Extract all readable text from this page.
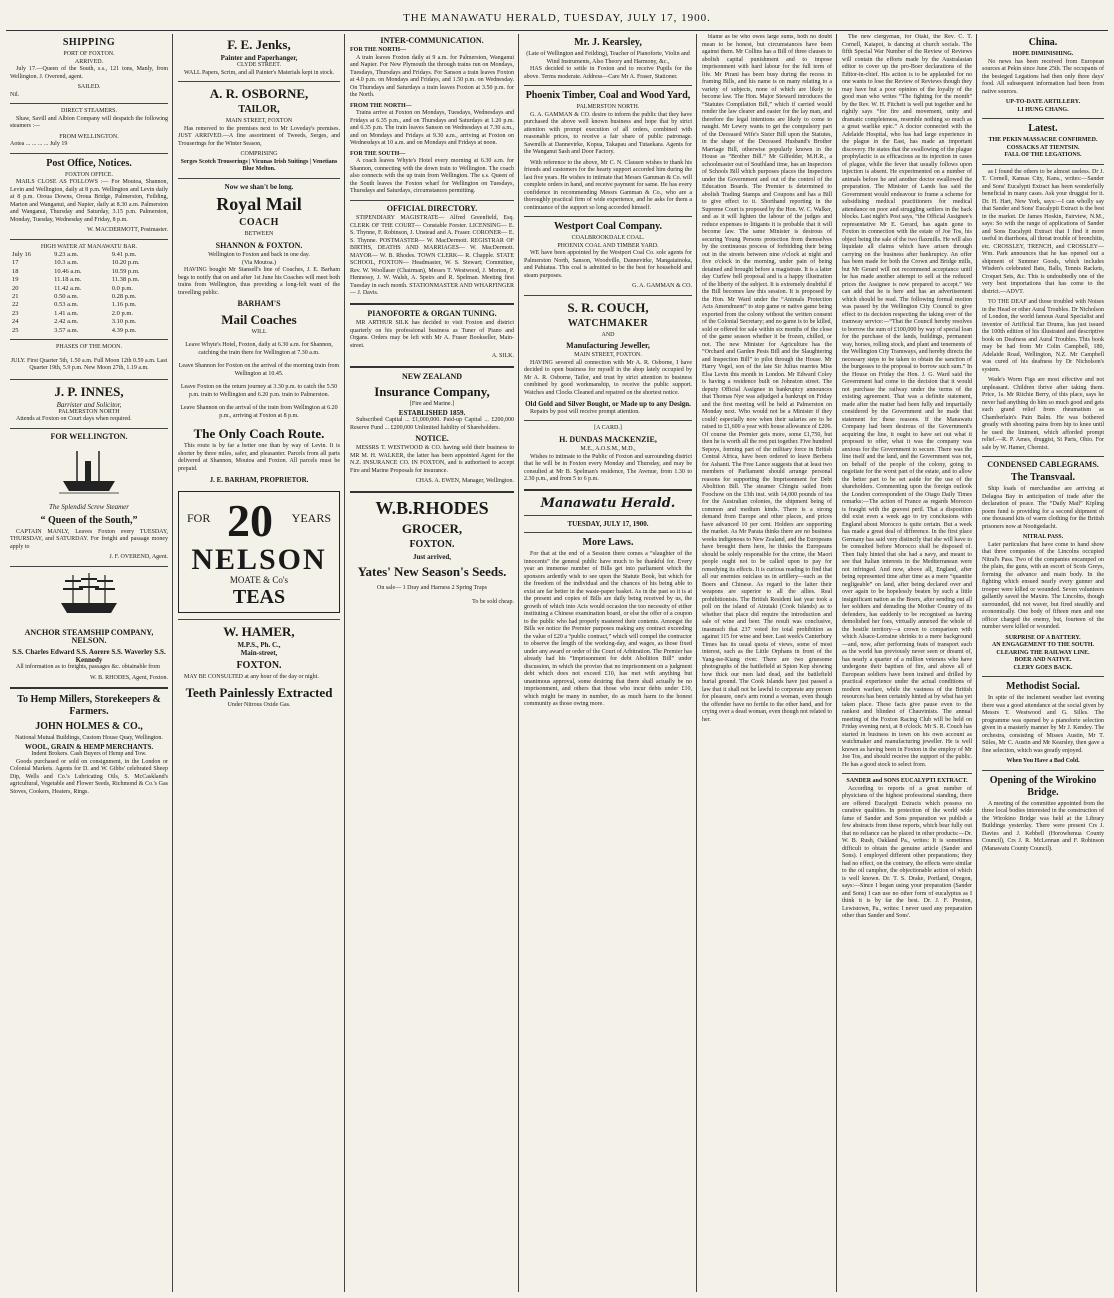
THE MANAWATU HERALD, TUESDAY, JULY 17, 1900.
SHIPPING
PORT OF FOXTON.
ARRIVED.

July 17.—Queen of the South, s.s., 121 tons, Manly, from Wellington. J. Overend, agent.

SAILED.
Nil.
DIRECT STEAMERS.

Shaw, Savill and Albion Company will despatch the following steamers :—

FROM WELLINGTON.
Aotea ... ... ... ... July 19
Post Office, Notices.
FOXTON OFFICE.

MAILS CLOSE AS FOLLOWS :— For Moutoa, Shannon, Levin and Wellington, daily at 8 p.m. Wellington and Levin daily at 8 p.m. Oroua Downs, Oroua Bridge, Palmerston, Feilding, Marton and Wanganui, and Napier, daily at 8.30 a.m. Palmerston and Wanganui, Thursday and Saturday, 3.15 p.m. Palmerston, Monday, Tuesday, Wednesday and Friday, 8 p.m.

W. MACDERMOTT, Postmaster.
HIGH WATER AT MANAWATU BAR.
July 16	9.23 a.m.	9.41 p.m.
17	10.3 a.m.	10.20 p.m.
18	10.46 a.m.	10.59 p.m.
19	11.18 a.m.	11.38 p.m.
20	11.42 a.m.	0.0 p.m.
21	0.50 a.m.	0.28 p.m.
22	0.53 a.m.	1.16 p.m.
23	1.41 a.m.	2.0 p.m.
24	2.42 a.m.	3.10 p.m.
25	3.57 a.m.	4.39 p.m.
PHASES OF THE MOON.

JULY. First Quarter 5th, 1.50 a.m. Full Moon 12th 0.59 a.m. Last Quarter 19th, 5.9 p.m. New Moon 27th, 1.19 a.m.

J. P. INNES,
Barrister and Solicitor,
PALMERSTON NORTH

Attends at Foxton on Court days when required.

FOR WELLINGTON.
The Splendid Screw Steamer
“ Queen of the South,”

CAPTAIN MANLY, Leaves Foxton every TUESDAY, THURSDAY, and SATURDAY. For freight and passage money apply to

J. F. OVEREND, Agent.
ANCHOR STEAMSHIP COMPANY, NELSON.
S.S. Charles Edward S.S. Aorere S.S. Waverley S.S. Kennedy

All information as to freights, passages &c. obtainable from

W. B. RHODES, Agent, Foxton.
To Hemp Millers, Storekeepers & Farmers.
JOHN HOLMES & CO.,
National Mutual Buildings, Custom House Quay, Wellington.
WOOL, GRAIN & HEMP MERCHANTS.
Indent Brokers. Cash Buyers of Hemp and Tow.

Goods purchased or sold on consignment, in the London or Colonial Markets. Agents for D. and W. Gibbs' celebrated Sheep Dip, Wells and Co.'s Lubricating Oils, S. McCaskland's agricultural, Vegetable and Flower Seeds, Richmond & Co.'s Gas Stoves, Cookers, Heaters, Rings.

F. E. Jenks,
Painter and Paperhanger,
CLYDE STREET.

WALL Papers, Scrim, and all Painter's Materials kept in stock.

A. R. OSBORNE,
TAILOR,
MAIN STREET, FOXTON

Has removed to the premises next to Mr Loveday's premises. JUST ARRIVED.—A fine assortment of Tweeds, Serges, and Trouserings for the Winter Season,

COMPRISING
Serges Scotch Trouserings | Vicunas Irish Suitings | Venetians Blue Melton.
Now we shan't be long.
Royal Mail
COACH
BETWEEN
SHANNON & FOXTON.
Wellington to Foxton and back in one day.
(Via Moutoa.)

HAVING bought Mr Stansell's line of Coaches, J. E. Barham begs to notify that on and after 1st June his Coaches will meet both trains from Wellington, thus providing a long-felt want of the travelling public.

BARHAM'S
Mail Coaches
WILL

Leave Whyte's Hotel, Foxton, daily at 6.30 a.m. for Shannon, catching the train there for Wellington at 7.30 a.m.

Leave Shannon for Foxton on the arrival of the morning train from Wellington at 10.45.

Leave Foxton on the return journey at 3.30 p.m. to catch the 5.50 p.m. train to Wellington and 6.20 p.m. train to Palmerston.

Leave Shannon on the arrival of the train from Wellington at 6.20 p.m., arriving at Foxton at 8 p.m.

The Only Coach Route.

This route is by far a better one than by way of Levin. It is shorter by three miles, safer, and pleasanter. Parcels from all parts delivered at Shannon, Moutoa and Foxton. All parcels must be prepaid.

J. E. BARHAM, PROPRIETOR.
FOR 20 YEARS
NELSON
MOATE & Co's
TEAS
W. HAMER,
M.P.S., Ph. C.,
Main-street,
FOXTON.

MAY BE CONSULTED at any hour of the day or night.

Teeth Painlessly Extracted
Under Nitrous Oxide Gas.
INTER-COMMUNICATION.
FOR THE NORTH—

A train leaves Foxton daily at 9 a.m. for Palmerston, Wanganui and Napier. For New Plymouth the through trains run on Mondays, Tuesdays, Thursdays and Fridays. For Sanson a train leaves Foxton at 4.0 p.m. on Mondays and Fridays, and 1.50 p.m. on Wednesday. On Thursdays and Saturdays a train leaves Foxton at 3.50 p.m. for the North.

FROM THE NORTH—

Trains arrive at Foxton on Mondays, Tuesdays, Wednesdays and Fridays at 6.35 p.m., and on Thursdays and Saturdays at 1.20 p.m. and 6.35 p.m. The train leaves Sanson on Wednesdays at 7.30 a.m., and on Mondays and Fridays at 9.30 a.m., arriving at Foxton on Wednesdays at 10 a.m. and on Mondays and Fridays at noon.

FOR THE SOUTH—

A coach leaves Whyte's Hotel every morning at 6.30 a.m. for Shannon, connecting with the down train to Wellington. The coach also connects with the up train from Wellington. The s.s. Queen of the South leaves the Foxton wharf for Wellington on Tuesdays, Thursdays and Saturdays, circumstances permitting.

OFFICIAL DIRECTORY.

STIPENDIARY MAGISTRATE— Alfred Greenfield, Esq. CLERK OF THE COURT— Constable Forster. LICENSING— E. S. Thynne, F. Robinson, J. Unstead and A. Fraser. CORONER— E. S. Thynne. POSTMASTER— W. MacDermott. REGISTRAR OF BIRTHS, DEATHS AND MARRIAGES— W. MacDermott. MAYOR— W. B. Rhodes. TOWN CLERK— R. Chapple. STATE SCHOOL, FOXTON— Headmaster, W. S. Stewart; Committee, Rev. W. Woollaser (Chairman), Messrs T. Westwood, J. Morton, P. Hennessy, J. W. Walsh, A. Speirs and R. Spelman. Meeting first Tuesday in each month. STATIONMASTER AND WHARFINGER— J. Davis.

PIANOFORTE & ORGAN TUNING.

MR ARTHUR SILK has decided to visit Foxton and district quarterly on his professional business as Tuner of Piano and Organs. Orders may be left with Mr A. Fraser Bookseller, Main-street.

A. SILK.
NEW ZEALAND
Insurance Company,
[Fire and Marine.]
ESTABLISHED 1859.

Subscribed Capital ... £1,000,000. Paid-up Capital ... £200,000 Reserve Fund ... £200,000 Unlimited liability of Shareholders.

NOTICE.

MESSRS T. WESTWOOD & CO. having sold their business to MR M. H. WALKER, the latter has been appointed Agent for the N.Z. INSURANCE CO. IN FOXTON, and is authorised to accept Fire and Marine Proposals for insurance.

CHAS. A. EWEN, Manager, Wellington.
W.B.RHODES
GROCER,
FOXTON.
Just arrived,
Yates' New Season's Seeds.

On sale— 1 Dray and Harness 2 Spring Traps

To be sold cheap.
Mr. J. Kearsley,
(Late of Wellington and Feilding), Teacher of Pianoforte, Violin and Wind Instruments, Also Theory and Harmony, &c.,

HAS decided to settle in Foxton and to receive Pupils for the above. Terms moderate. Address—Care Mr A. Fraser, Stationer.

Phoenix Timber, Coal and Wood Yard,
PALMERSTON NORTH.

G. A. GAMMAN & CO. desire to inform the public that they have purchased the above well known business and hope that by strict attention with prompt execution of all orders, combined with reasonable prices, to receive a fair share of public patronage. Sawmills at Dannevirke, Kopua, Takapau and Tutaekara. Agents for the Wanganui Sash and Door Factory.

With reference to the above, Mr C. N. Clausen wishes to thank his friends and customers for the hearty support accorded him during the last five years. He wishes to intimate that Messrs Gamman & Co. will complete orders in hand, and receive payment for same. He has every confidence in recommending Messrs Gamman & Co., who are a thoroughly practical firm of wide experience, and he asks for them a continuance of the support so long accorded himself.

Westport Coal Company.
COALBROOKDALE COAL.
PHOENIX COAL AND TIMBER YARD.

WE have been appointed by the Westport Coal Co. sole agents for Palmerston North, Sanson, Woodville, Dannevirke, Mangatainoka, and Pahiatua. This coal is admitted to be the best for household and steam purposes.

G. A. GAMMAN & CO.
S. R. COUCH,
WATCHMAKER
AND
Manufacturing Jeweller,
MAIN STREET, FOXTON.

HAVING severed all connection with Mr A. R. Osborne, I have decided to open business for myself in the shop lately occupied by Mr A. R. Osborne, Tailor, and trust by strict attention to business combined by good workmanship, to receive the public support. Watches and Clocks Cleaned and repaired on the shortest notice.

Old Gold and Silver Bought, or Made up to any Design.

Repairs by post will receive prompt attention.

[A CARD.]
H. DUNDAS MACKENZIE,
M.E., A.O.S.M., M.D.,

Wishes to intimate to the Public of Foxton and surrounding district that he will be in Foxton every Monday and Thursday, and may be consulted at Mr B. Spelman's residence, The Avenue, from 1.30 to 2.30 p.m., and from 5 to 6 p.m.

Manawatu Herald.
TUESDAY, JULY 17, 1900.
More Laws.

For that at the end of a Session there comes a “slaughter of the innocents” the general public have much to be thankful for. Every year an immense number of Bills get into parliament which the sponsors ardently wish to see upon the Statute Book, but which for the freedom of the individual and the chances of his being able to exist are far better in the waste-paper basket. As in the past so it is at the present and copies of Bills are daily being received by us, the growth of which into Acts would occasion the too necessity of either instituting a Chinese examination board, or else the offer of a coupon to the public who had properly mastered their contents. Amongst the Bills we notice the Premier purposes making any contract exceeding the value of £20 a “public contract,” which will compel the contractor to observe the length of the working-day, and wages, as those fixed under any award or order of the Court of Arbitration. The Premier has already had his “Imprisonment for debt Abolition Bill” under discussion, in which the proviso that no imprisonment on a judgment debt which does not exceed £10, has met with anything but unanimous approval, some desiring that there shall actually be no imprisonment, and others that those who incur debts under £10, which might be many in number, do as much harm to the honest community as those owing more.

blame as be who owes large sums, both no doubt mean to be honest, but circumstances have been against them. Mr Collins has a Bill of three clauses to abolish capital punishment and to impose imprisonment with hard labour for the full term of life. Mr Pirani has been busy during the recess in framing Bills, and his name is on many relating to a variety of subjects, none of which are likely to become law. The Hon. Major Steward introduces the “Statutes Compilation Bill,” which if carried would render the law clearer and easier for the lay man, and therefore the legal intentions are likely to come to naught. Mr Lewry wants to get the compulsory part of the Deceased Wife's Sister Bill upon the Statutes, in the shape of the Deceased Husband's Brother Marriage Bill, otherwise popularly known in the House as “Brother Bill.” Mr Gilfedder, M.H.R., a schoolmaster out of Southland time, has an Inspectors of Schools Bill which purposes places the Inspectors under the Government and out of the control of the Education Boards. The Premier is determined to abolish Trading Stamps and Coupons and has a Bill to give effect to it. Shorthand reporting in the Supreme Court is proposed by the Hon. W. C. Walker, and as it will lighten the labour of the judges and reduce expenses to litigants it is probable that it will become law. The same Minister is desirous of securing Young Persons protection from themselves by the continuous process of forbidding their being out in the streets between nine o'clock at night and five o'clock in the morning, under pain of being detained and brought before a magistrate. It is a latter day Curfew bell proposal and is a happy illustration of the liberty of the subject. It is extremely doubtful if the Bill becomes law this session. It is proposed by the Hon. Mr Ward under the “Animals Protection Acts Amendment” to stop game or native game being exported from the colony without the written consent of the Colonial Secretary; and no game is to be killed, sold or offered for sale within six months of the close of the game season whether it be frozen, chilled, or not. The new Minister for Agriculture has the “Orchard and Garden Pests Bill and the Slaughtering and Inspection Bill” to pilot through the House. Mr Harry Vogel, son of the late Sir Julius marries Miss Elsa Levin this month in London. Mr Edward Coley is having a residence built on Johnston street. The deputy Official Assignee in bankruptcy announces that Thomas Nye was adjudged a bankrupt on Friday and the first meeting will be held at Palmerston on Monday next. Who would not be a Minister if they could! especially now when their salaries are to be raised to £1,600 a year with house allowance of £206. Of course the Premier gets more, some £1,750, but then he is worth all the rest put together. Five hundred Sepoys, forming part of the military force in British Central Africa, have been ordered to leave Berbera for Ashanti. The Free Lance suggests that at least two members of Parliament should arrange personal reasons for supporting the Imprisonment for Debt Abolition Bill. The steamer Chingtu sailed from Foochow on the 13th inst. with 14,000 pounds of tea for the Australian colonies, the shipment being of common and medium kinds. There is a strong demand from Europe and other places, and prices have advanced 10 per cent. Holders are supporting the market. As Mr Parata thinks there are no business weeks indigenous to New Zealand, and the Europeans have brought them here, he thinks the Europeans should be solely responsible for the crime, the Maori people ought not to be called upon to pay for remedying its effects. It is curious reading to find that all our enemies outclass us in artillery—such as the Boers and Chinese. As regard to the latter their weapons are superior to all the allies. Real prohibitionists. The British Resident last year took a poll on the island of Aitutaki (Cook Islands) as to whether that place did require the introduction and sale of wine and beer. The result was conclusive, inasmuch that 237 voted for total prohibition as against 115 for wine and beer. Last week's Canterbury Times has its usual quota of views, some of most interest, such as the Little Orphans in front of the Yang-tse-Kiang river. There are two gruesome photographs of the battlefield at Spion Kop showing how thick our men laid dead, and the battlefield burial ground. The Cook Islands have just passed a law that it shall not be lawful to corporate any person for pleasure, one's arm round a woman, even though the offender have no fertile to the other hand, and for crying over a dead woman, even though not related to her.

The new clergyman, for Otaki, the Rev. C. T. Cornell, Kaiapoi, is dancing at church socials. The fifth Special War Number of the Review of Reviews will contain the efforts made by the Australasian editor to cover up the pro-Boer declarations of the Editor-in-chief. His action is to be applauded for no one wants to lose the Review of Reviews though they may have but a poor opinion of the loyalty of the good man who writes “The fighting for the month” by the Rev. W. H. Fitchett is well put together and he rightly says “for fire and movement, unity and dramatic completeness, resemble nothing so much as a great warlike epic.” A doctor connected with the Adelaide Hospital, who has had large experience in the plague in the East, has made an important discovery. He states that the swallowing of the plague prophylactic is as efficacious as its injection in cases of plague, while the fever that usually follows upon injection is absent. He experimented on a number of animals before he and another doctor swallowed the preparation. The Minister of Lands has said the Government would endeavour to frame a scheme for subsidising medical practitioners for medical attendance on poor and struggling settlers in the back blocks. Last night's Post says, “the Official Assignee's representative Mr E. Gerard, has again gone to Foxton in connection with the estate of Joe Tos, his object being the sale of the two flaxmills. He will also liquidate all claims which have arisen through carrying on the business after bankruptcy. An offer has been made for both the Crown and Bridge mills, but Mr Gerard will not recommend acceptance until he has made another attempt to sell at the reduced prices the Assignee is now prepared to accept.” We can add that he is here and has an advertisement which should be read. The following formal motion was passed by the Wellington City Council to give effect to its decision respecting the taking over of the tramway service:—“That the Council hereby resolves to borrow the sum of £100,000 by way of special loan for the purchase of the lands, buildings, permanent way, horses, rolling stock, and plant and tenements of the Wellington City Tramways, and hereby directs the necessary steps to be taken to obtain the sanction of the burgesses to the proposal to borrow such sum.” In the House on Friday the Hon. J. G. Ward said the Government had come to the decision that it would not purchase the railway under the terms of the existing agreement. That was a definite statement, made after the matter had been fully and impartially considered by the Government and he made that statement for these reasons. If the Manawatu Company had been desirous of the Government's acquiring the line, it ought to have set out what it proposed to offer, what it was the company was anxious for the Government to secure. There was the line itself and the land, and the Government was not, on behalf of the people of the colony, going to negotiate for the worst part of the estate, and to allow the better part to be set aside for the use of the shareholders. Commenting upon the foreign outlook the London correspondent of the Otago Daily Times remarks:—The action of France as regards Morocco is fraught with the gravest peril. That a disposition did exist even a week ago to try conclusions with England about Morocco is quite certain. But a week has made a great deal of difference. In the first place Germany has said very distinctly that she will have to be consulted before Morocco shall be disposed of. Then Italy hinted that she had a navy, and meant to see that Italian interests in the Mediterranean were not infringed. And now, above all, England, after being represented time after time as a mere “quantite negligeable” on land, after being declared over and over again to be hopelessly beaten by such a little insignificant nation as the Boers, after sending out all her soldiers and denuding the Mother Country of its defenders, has suddenly to be recognised as having demolished her foes, virtually annexed the whole of the hostile territory—a crown to comparison with which Alsace-Lorraine shrinks to a mere background—and, now, after performing feats of transport such as the world has previously never seen or dreamt of, has nearly a quarter of a million veterans who have undergone their baptism of fire, and above all of European soldiers have been trained and drilled by practical experience under the actual conditions of modern warfare, while the vastness of the British resources has been certainly hinted at by what has yet taken place. These facts give pause even to the rankest and blindest of Chauvinists. The annual meeting of the Foxton Racing Club will be held on Friday evening next, at 8 o'clock. Mr S. R. Couch has started in business in town on his own account as watchmaker and manufacturing jeweller. He is well known as having been in Foxton in the employ of Mr Joe Tos, and should receive the support of the public. He has a good stock to select from.

SANDER and SONS EUCALYPTI EXTRACT.

According to reports of a great number of physicians of the highest professional standing, there are offered Eucalypti Extracts which possess no curative qualities. In protection of the world wide fame of Sander and Sons preparation we publish a few abstracts from these reports, which bear fully out that no reliance can be placed in other products:—Dr. W. B. Rush, Oakland Pa., writes: It is sometimes difficult to obtain the genuine article (Sander and Sons). I employed different other preparations; they had no effect, on the contrary, the effects were similar to the oil camphor, the objectionable action of which is well known. Dr. T. S. Drake, Portland, Oregon, says:—Since I began using your preparation (Sander and Sons) I can use no other form of eucalyptus as I think it is by far the best. Dr. J. F. Preston, Lewistown, Pa., writes: I never used any preparation other than Sander and Sons'.

China.
HOPE DIMINISHING.

No news has been received from European sources at Pekin since June 25th. The occupants of the besieged Legations had then only three days' food. All subsequent information had been from native sources.

UP-TO-DATE ARTILLERY.
LI HUNG CHANG.
Latest.
THE PEKIN MASSACRE CONFIRMED.
COSSACKS AT TIENTSIN.
FALL OF THE LEGATIONS.

as I found the others to be almost useless. Dr J. T. Cornell, Kansas City, Kans., writes:—Sander and Sons' Eucalypti Extract has been wonderfully beneficial in many cases. Ask your druggist for it. Dr. H. Hart, New York, says:—I can wholly say that Sander and Sons' Eucalypti Extract is the best in the market. Dr James Hoskin, Fairview, N.M., says: So with the range of applications of Sander and Sons Eucalypti Extract that I find it more useful in diarrhoea, all throat trouble of bronchitis, etc. CROSSLEY, TRENCH, and CROSSLEY—Wm. Park announces that he has opened out a shipment of Summer Goods, which includes Wisden's celebrated Bats, Balls, Tennis Rackets, Croquet Sets, &c. This is undoubtedly one of the very best importations that has come to the district.—ADVT.

TO THE DEAF and those troubled with Noises in the Head or other Aural Troubles. Dr Nicholson of London, the world famous Aural Specialist and inventor of Artificial Ear Drums, has just issued the 100th edition of his illustrated and descriptive book on Deafness and Aural Troubles. This book may be had from Mr Colin Campbell, 180, Adelaide Road, Wellington, N.Z. Mr Campbell was cured of his deafness by Dr Nicholson's system.

Wade's Worm Figs are most effective and not unpleasant. Children thrive after taking them. Price, 1s. Mr Ritchie Berry, of this place, says he never had anything do him so much good and gets such grand relief from rheumatism as Chamberlain's Pain Balm. He was bothered greatly with shooting pains from hip to knee until he used the liniment, which afforded prompt relief.—R. P. Ames, druggist, St Paris, Ohio. For sale by W. Hamer, Chemist.

CONDENSED CABLEGRAMS.
The Transvaal.

Ship loads of merchandise are arriving at Delagoa Bay in anticipation of trade after the declaration of peace. The “Daily Mail” Kipling poem fund is providing for a second shipment of one thousand kits of warm clothing for the British prisoners now at Nooitgedacht.

NITRAL PASS.

Later particulars that have come to hand show that three companies of the Lincolns occupied Nitral's Pass. Two of the companies encamped on the plain, the guns, with an escort of Scots Greys, forming the advance and main body. In the fighting which ensued nearly every gunner and trooper were killed or wounded. Seven volunteers gallantly saved the Maxim. The Lincolns, though surrounded, did not waver, but fired steadily and economically. One body of fifteen men and one officer charged the enemy, but, fourteen of the number were killed or wounded.

SURPRISE OF A BATTERY.
AN ENGAGEMENT TO THE SOUTH.
CLEARING THE RAILWAY LINE.
BOER AND NATIVE.
CLERY GOES BACK.
Methodist Social.

In spite of the inclement weather last evening there was a good attendance at the social given by Messrs T. Westwood and G. Silles. The programme was opened by a pianoforte selection given in a masterly manner by Mr J. Kendey. The orchestra, consisting of Misses Austin, Mr T. Stiles, Mr C. Austin and Mr Kearsley, then gave a fine selection, which was greatly enjoyed.

When You Have a Bad Cold.
Opening of the Wirokino Bridge.

A meeting of the committee appointed from the three local bodies interested in the construction of the Wirokino Bridge was held at the Library Buildings yesterday. There were present Crs J. Davies and J. Kebbell (Horowhenua County Council), Crs J. R. McLennan and F. Robinson (Manawatu County Council).
